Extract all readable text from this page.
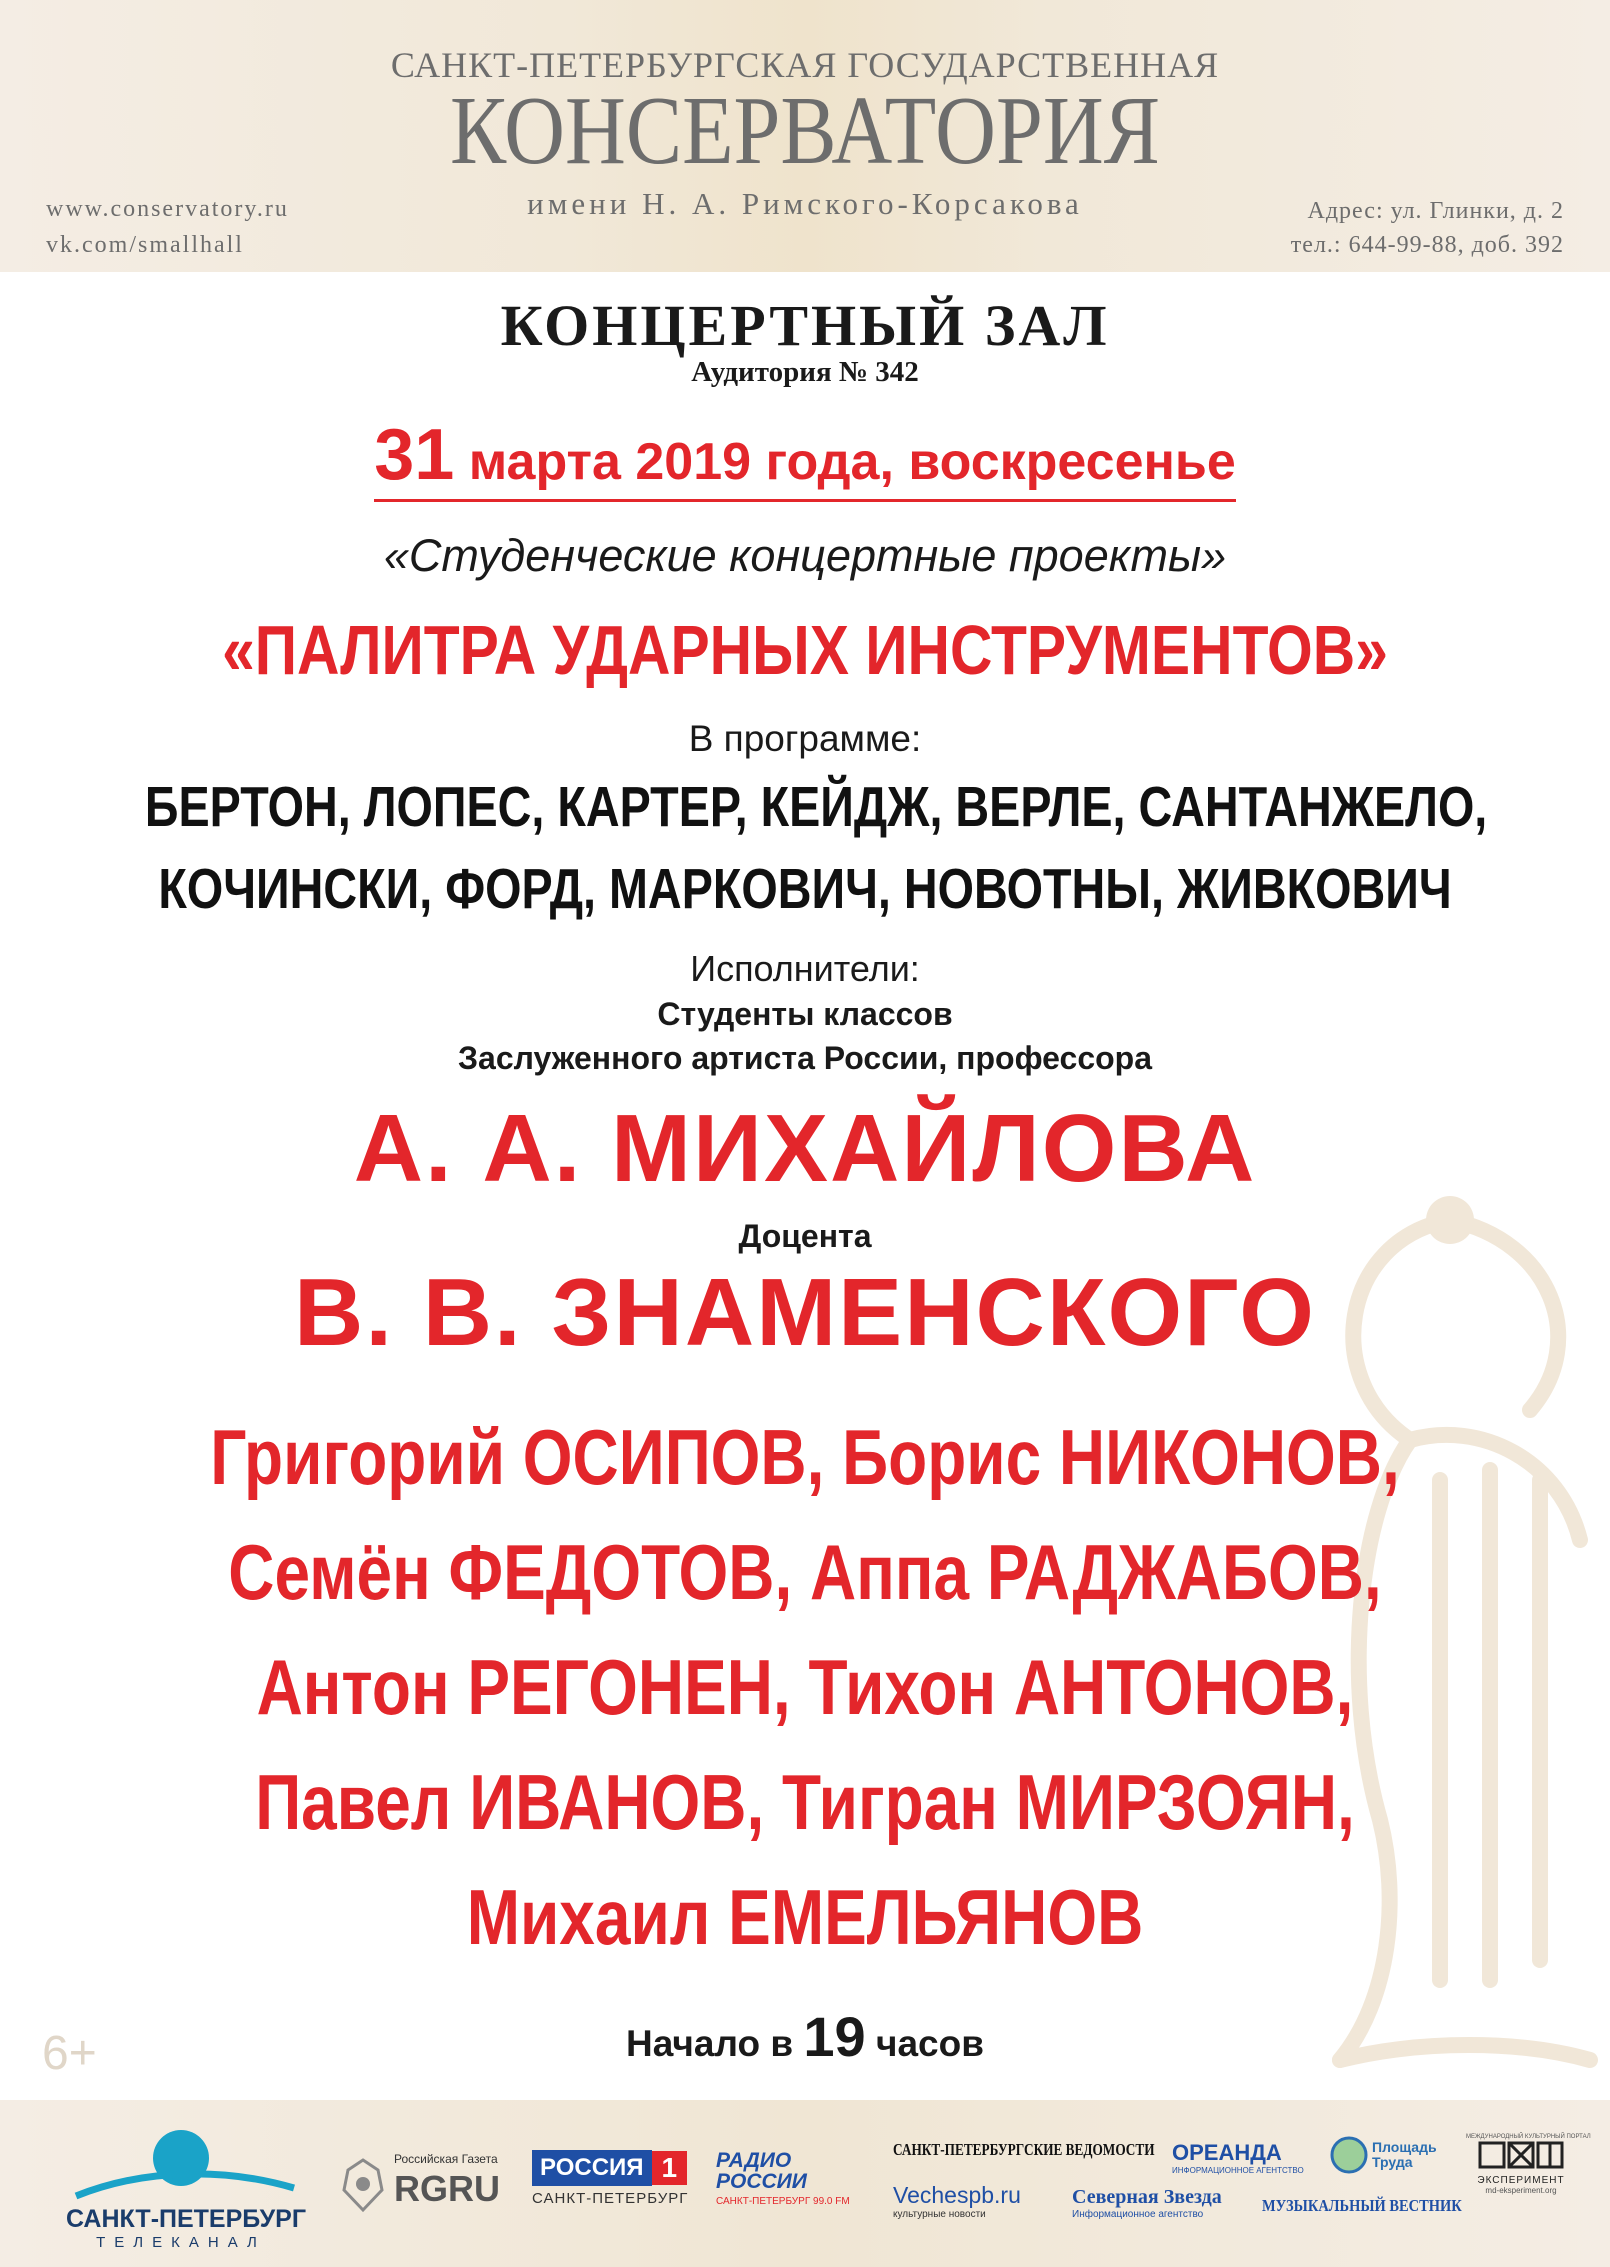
САНКТ-ПЕТЕРБУРГСКАЯ ГОСУДАРСТВЕННАЯ
КОНСЕРВАТОРИЯ
имени Н. А. Римского-Корсакова
www.conservatory.ru
vk.com/smallhall
Адрес: ул. Глинки, д. 2
тел.: 644-99-88, доб. 392
КОНЦЕРТНЫЙ ЗАЛ
Аудитория № 342
31 марта 2019 года, воскресенье
«Студенческие концертные проекты»
«ПАЛИТРА УДАРНЫХ ИНСТРУМЕНТОВ»
В программе:
БЕРТОН, ЛОПЕС, КАРТЕР, КЕЙДЖ, ВЕРЛЕ, САНТАНЖЕЛО,
КОЧИНСКИ, ФОРД, МАРКОВИЧ, НОВОТНЫ, ЖИВКОВИЧ
Исполнители:
Студенты классов
Заслуженного артиста России, профессора
А. А. МИХАЙЛОВА
Доцента
В. В. ЗНАМЕНСКОГО
Григорий ОСИПОВ, Борис НИКОНОВ,
Семён ФЕДОТОВ, Аппа РАДЖАБОВ,
Антон РЕГОНЕН, Тихон АНТОНОВ,
Павел ИВАНОВ, Тигран МИРЗОЯН,
Михаил ЕМЕЛЬЯНОВ
Начало в 19 часов
6+
САНКТ-ПЕТЕРБУРГ
ТЕЛЕКАНАЛ
Российская Газета
RGRU
РОССИЯ 1
САНКТ-ПЕТЕРБУРГ
РАДИО
РОССИИ
САНКТ-ПЕТЕРБУРГ 99.0 FM
САНКТ-ПЕТЕРБУРГСКИЕ ВЕДОМОСТИ
Vechespb.ru
культурные новости
ОРЕАНДА
ИНФОРМАЦИОННОЕ АГЕНТСТВО
Северная Звезда
Информационное агентство
Площадь Труда
МУЗЫКАЛЬНЫЙ ВЕСТНИК
МЕЖДУНАРОДНЫЙ КУЛЬТУРНЫЙ ПОРТАЛ
ЭКСПЕРИМЕНТ
md-eksperiment.org
